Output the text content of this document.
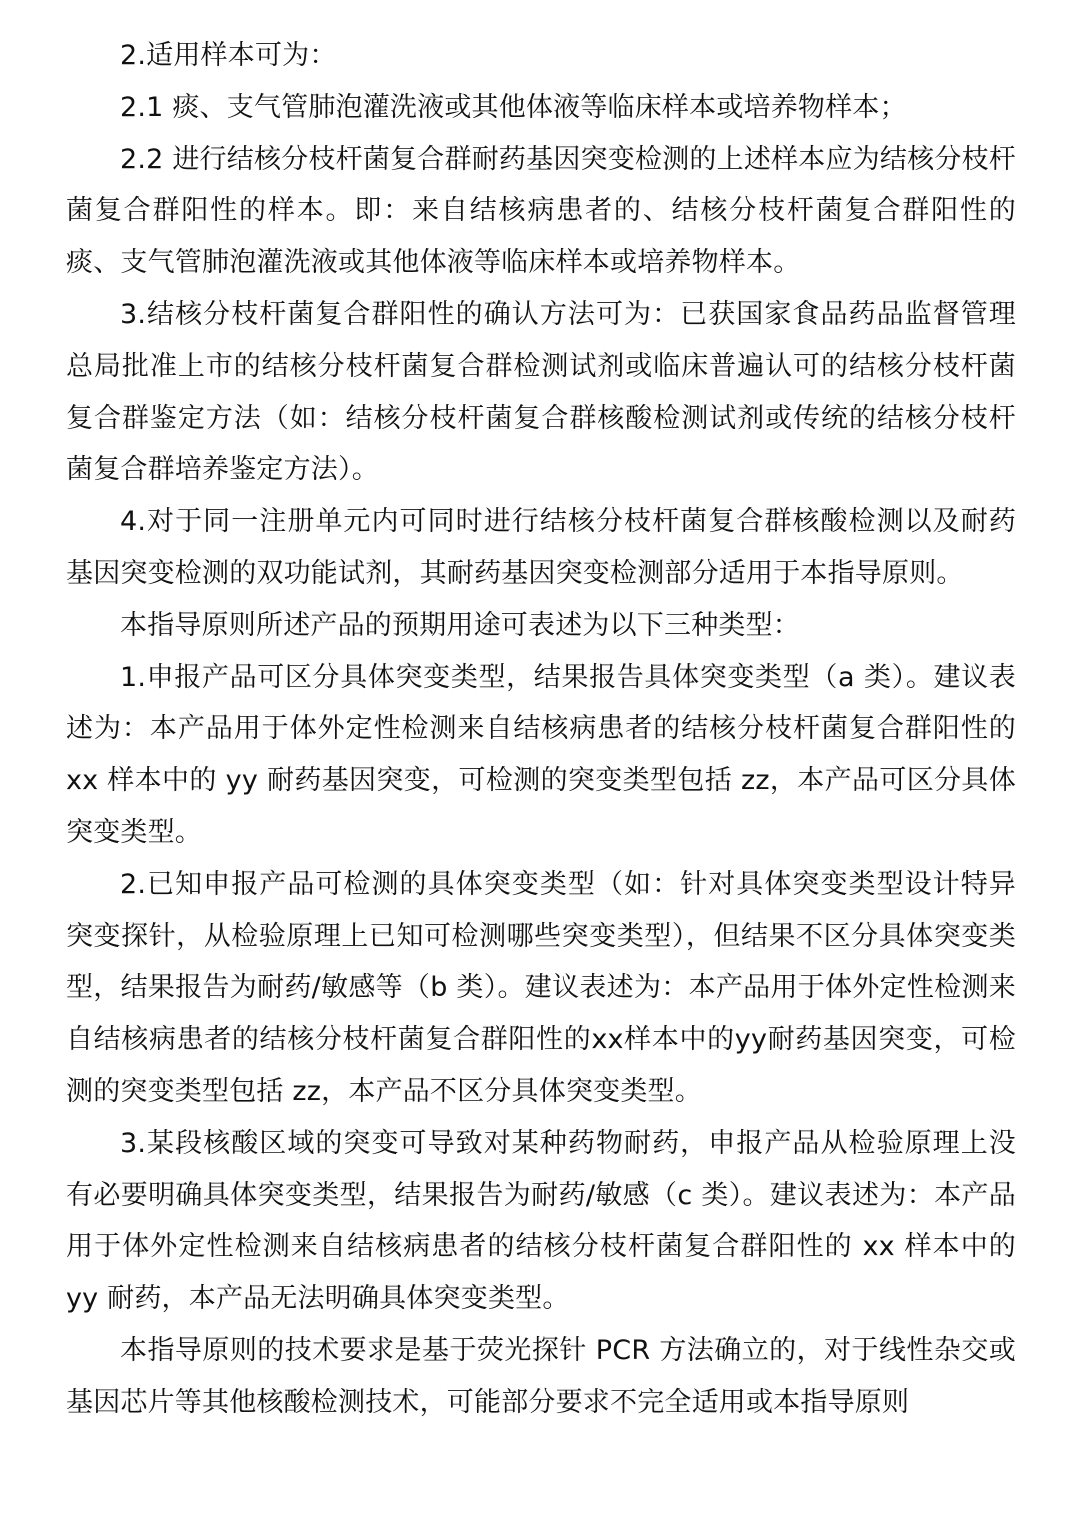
2.适用样本可为：

2.1 痰、支气管肺泡灌洗液或其他体液等临床样本或培养物样本；

2.2 进行结核分枝杆菌复合群耐药基因突变检测的上述样本应为结核分枝杆菌复合群阳性的样本。即：来自结核病患者的、结核分枝杆菌复合群阳性的痰、支气管肺泡灌洗液或其他体液等临床样本或培养物样本。

3.结核分枝杆菌复合群阳性的确认方法可为：已获国家食品药品监督管理总局批准上市的结核分枝杆菌复合群检测试剂或临床普遍认可的结核分枝杆菌复合群鉴定方法（如：结核分枝杆菌复合群核酸检测试剂或传统的结核分枝杆菌复合群培养鉴定方法）。

4.对于同一注册单元内可同时进行结核分枝杆菌复合群核酸检测以及耐药基因突变检测的双功能试剂，其耐药基因突变检测部分适用于本指导原则。

本指导原则所述产品的预期用途可表述为以下三种类型：

1.申报产品可区分具体突变类型，结果报告具体突变类型（a 类）。建议表述为：本产品用于体外定性检测来自结核病患者的结核分枝杆菌复合群阳性的 xx 样本中的 yy 耐药基因突变，可检测的突变类型包括 zz，本产品可区分具体突变类型。

2.已知申报产品可检测的具体突变类型（如：针对具体突变类型设计特异突变探针，从检验原理上已知可检测哪些突变类型），但结果不区分具体突变类型，结果报告为耐药/敏感等（b 类）。建议表述为：本产品用于体外定性检测来自结核病患者的结核分枝杆菌复合群阳性的xx样本中的yy耐药基因突变，可检测的突变类型包括 zz，本产品不区分具体突变类型。

3.某段核酸区域的突变可导致对某种药物耐药，申报产品从检验原理上没有必要明确具体突变类型，结果报告为耐药/敏感（c 类）。建议表述为：本产品用于体外定性检测来自结核病患者的结核分枝杆菌复合群阳性的 xx 样本中的 yy 耐药，本产品无法明确具体突变类型。

本指导原则的技术要求是基于荧光探针 PCR 方法确立的，对于线性杂交或基因芯片等其他核酸检测技术，可能部分要求不完全适用或本指导原则
